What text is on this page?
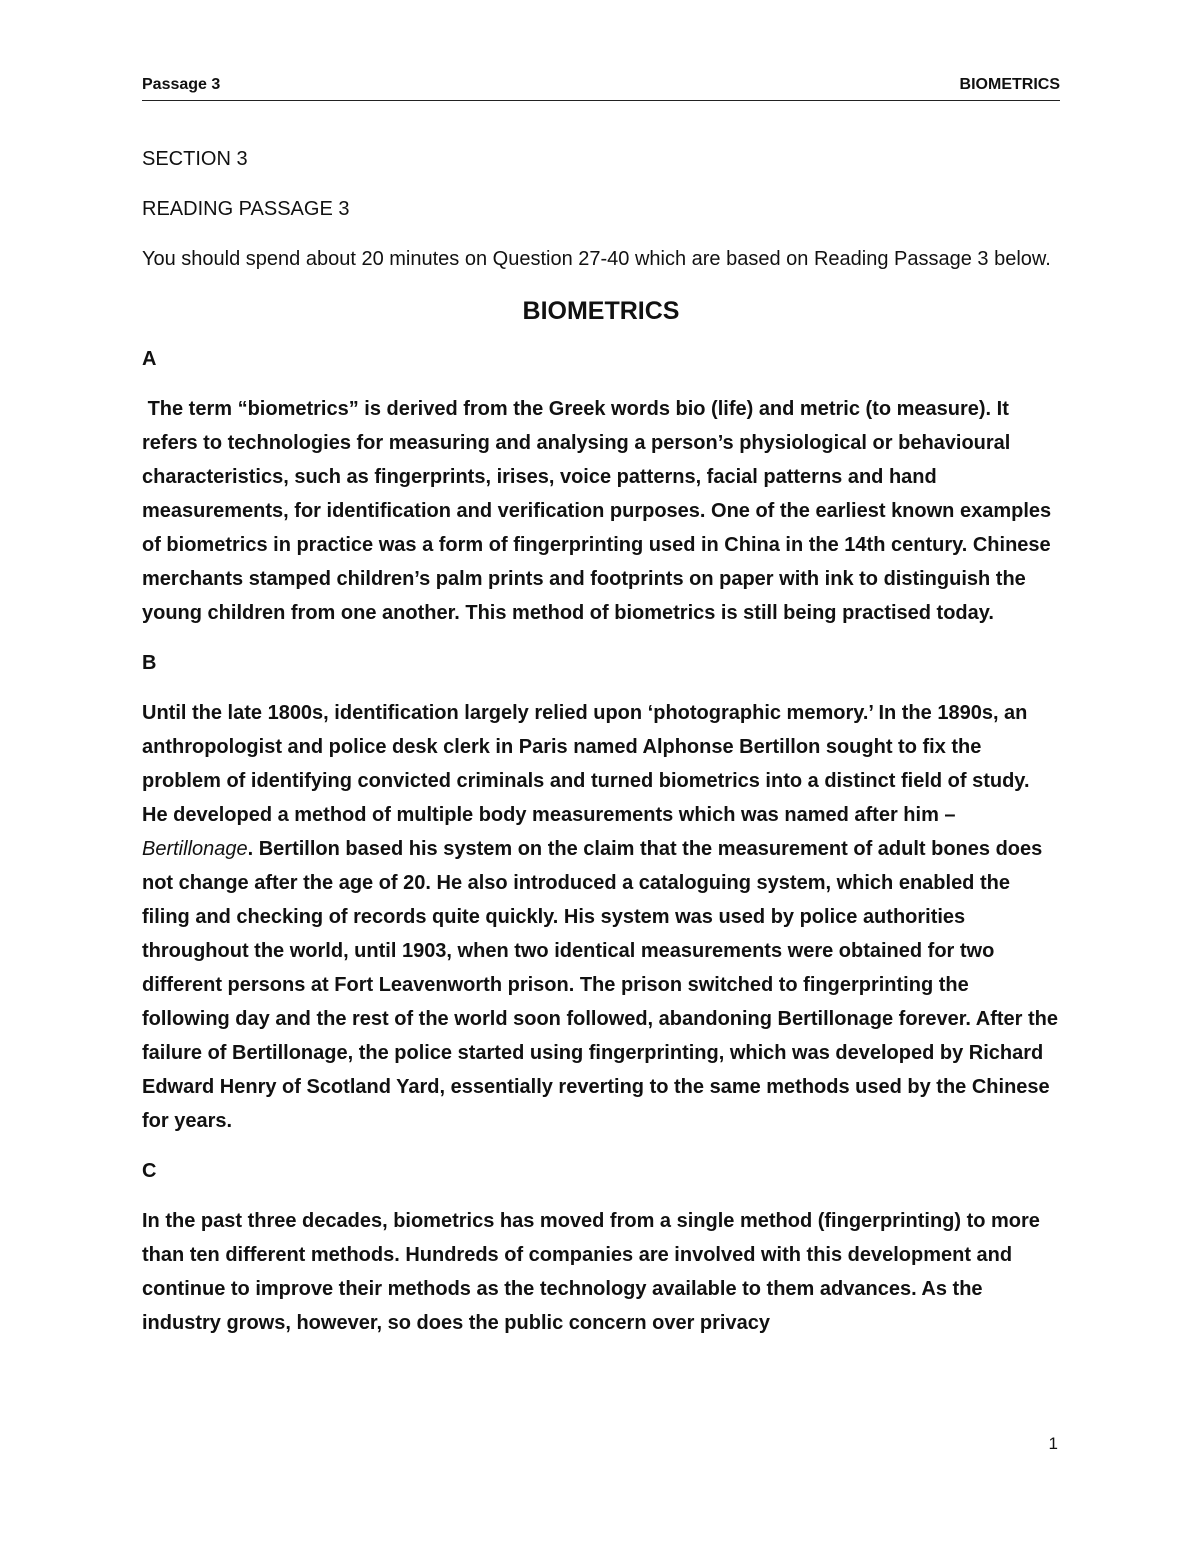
Passage 3	BIOMETRICS

SECTION 3

READING PASSAGE 3

You should spend about 20 minutes on Question 27-40 which are based on Reading Passage 3 below.

BIOMETRICS

A

The term “biometrics” is derived from the Greek words bio (life) and metric (to measure). It refers to technologies for measuring and analysing a person’s physiological or behavioural characteristics, such as fingerprints, irises, voice patterns, facial patterns and hand measurements, for identification and verification purposes. One of the earliest known examples of biometrics in practice was a form of fingerprinting used in China in the 14th century. Chinese merchants stamped children’s palm prints and footprints on paper with ink to distinguish the young children from one another. This method of biometrics is still being practised today.

B

Until the late 1800s, identification largely relied upon ‘photographic memory.’ In the 1890s, an anthropologist and police desk clerk in Paris named Alphonse Bertillon sought to fix the problem of identifying convicted criminals and turned biometrics into a distinct field of study. He developed a method of multiple body measurements which was named after him – Bertillonage. Bertillon based his system on the claim that the measurement of adult bones does not change after the age of 20. He also introduced a cataloguing system, which enabled the filing and checking of records quite quickly. His system was used by police authorities throughout the world, until 1903, when two identical measurements were obtained for two different persons at Fort Leavenworth prison. The prison switched to fingerprinting the following day and the rest of the world soon followed, abandoning Bertillonage forever. After the failure of Bertillonage, the police started using fingerprinting, which was developed by Richard Edward Henry of Scotland Yard, essentially reverting to the same methods used by the Chinese for years.

C

In the past three decades, biometrics has moved from a single method (fingerprinting) to more than ten different methods. Hundreds of companies are involved with this development and continue to improve their methods as the technology available to them advances. As the industry grows, however, so does the public concern over privacy

1
